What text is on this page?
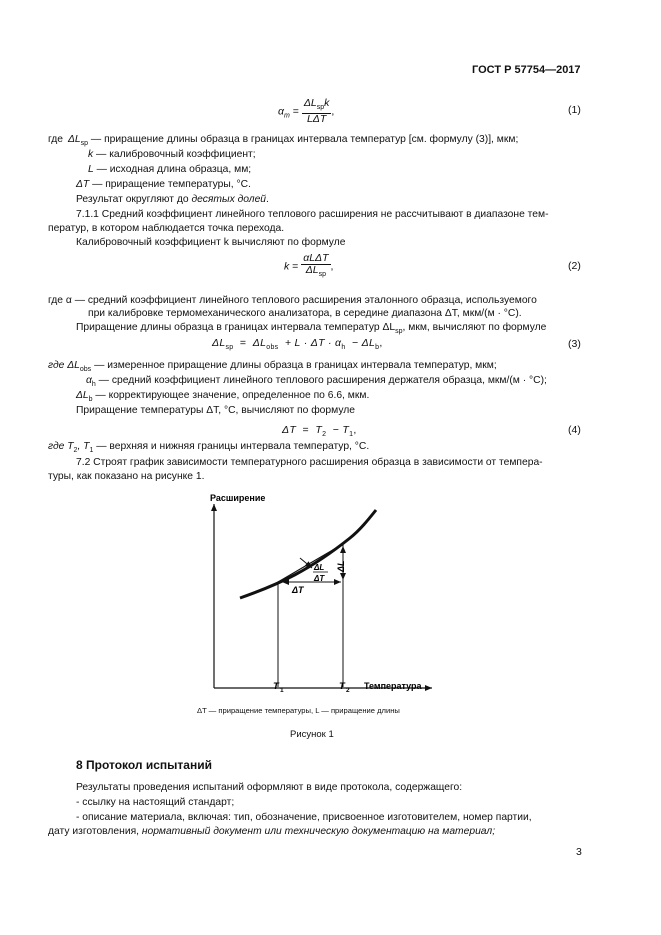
ГОСТ Р 57754—2017
$\alpha_m = \frac{\Delta L_{sp}k}{\text{LΔT}}$ ,	(1)
где $\Delta L_{sp}$ — приращение длины образца в границах интервала температур [см. формулу (3)], мкм;
k — калибровочный коэффициент;
L — исходная длина образца, мм;
ΔT — приращение температуры, °С.
Результат округляют до десятых долей.
7.1.1 Средний коэффициент линейного теплового расширения не рассчитывают в диапазоне тем-
ператур, в котором наблюдается точка перехода.
Калибровочный коэффициент k вычисляют по формуле
$k = \frac{\text{αLΔT}}{\Delta L_{sp}}$ ,	(2)
где α — средний коэффициент линейного теплового расширения эталонного образца, используемого
при калибровке термомеханического анализатора, в середине диапазона ΔT, мкм/(м · °С).
Приращение длины образца в границах интервала температур $\Delta L_{sp}$, мкм, вычисляют по формуле
$\Delta L_{sp} = \Delta L_{obs} + L \cdot \Delta T \cdot \alpha_h - \Delta L_b$,	(3)
где $\Delta L_{obs}$ — измеренное приращение длины образца в границах интервала температур, мкм;
$\alpha_h$ — средний коэффициент линейного теплового расширения держателя образца, мкм/(м · °С);
$\Delta L_b$ — корректирующее значение, определенное по 6.6, мкм.
Приращение температуры ΔT, °С, вычисляют по формуле
$\Delta T = T_2 - T_1$,	(4)
где $T_2$, $T_1$ — верхняя и нижняя границы интервала температур, °С.
7.2 Строят график зависимости температурного расширения образца в зависимости от темпера-
туры, как показано на рисунке 1.
Расширение
Температура
ΔT
ΔL
ΔL
ΔT
T 1	T 2
ΔT — приращение температуры, L — приращение длины
Рисунок 1
8 Протокол испытаний
Результаты проведения испытаний оформляют в виде протокола, содержащего:
- ссылку на настоящий стандарт;
- описание материала, включая: тип, обозначение, присвоенное изготовителем, номер партии,
дату изготовления, нормативный документ или техническую документацию на материал;
3
